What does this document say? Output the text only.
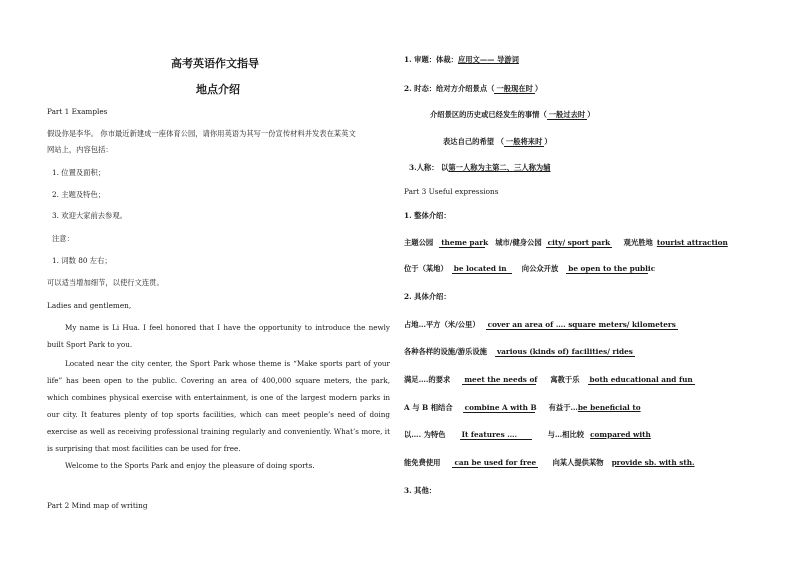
高考英语作文指导
地点介绍
Part 1 Examples
假设你是李华。 你市最近新建成一座体育公园，请你用英语为其写一份宣传材料并发表在某英文
网站上，内容包括：
1. 位置及面积；
2. 主题及特色；
3. 欢迎大家前去参观。
注意：
1. 词数 80 左右；
可以适当增加细节，以使行文连贯。
Ladies and gentlemen,
My name is Li Hua. I feel honored that I have the opportunity to introduce the newly built Sport Park to you.
Located near the city center, the Sport Park whose theme is “Make sports part of your life” has been open to the public. Covering an area of 400,000 square meters, the park, which combines physical exercise with entertainment, is one of the largest modern parks in our city. It features plenty of top sports facilities, which can meet people’s need of doing exercise as well as receiving professional training regularly and conveniently. What’s more, it is surprising that most facilities can be used for free.
Welcome to the Sports Park and enjoy the pleasure of doing sports.
Part 2 Mind map of writing
1. 审题：体裁：应用文—— 导游词
2. 时态：给对方介绍景点（ 一般现在时 ）
介绍景区的历史或已经发生的事情（ 一般过去时）
表达自己的希望 （ 一般将来时 ）
3.人称： 以第一人称为主第二、三人称为辅
Part 3 Useful expressions
1. 整体介绍：
主题公园 theme park 城市/健身公园 city/ sport park 观光胜地 tourist attraction
位于（某地） be located in 向公众开放 be open to the public
2. 具体介绍：
占地…平方（米/公里） cover an area of …. square meters/ kilometers
各种各样的设施/游乐设施 various (kinds of) facilities/ rides
满足….的要求 meet the needs of 寓教于乐 both educational and fun
A 与 B 相结合 combine A with B 有益于…be beneficial to
以…. 为特色 It features ….	与…相比较 compared with
能免费使用 can be used for free 向某人提供某物 provide sb. with sth.
3. 其他：
